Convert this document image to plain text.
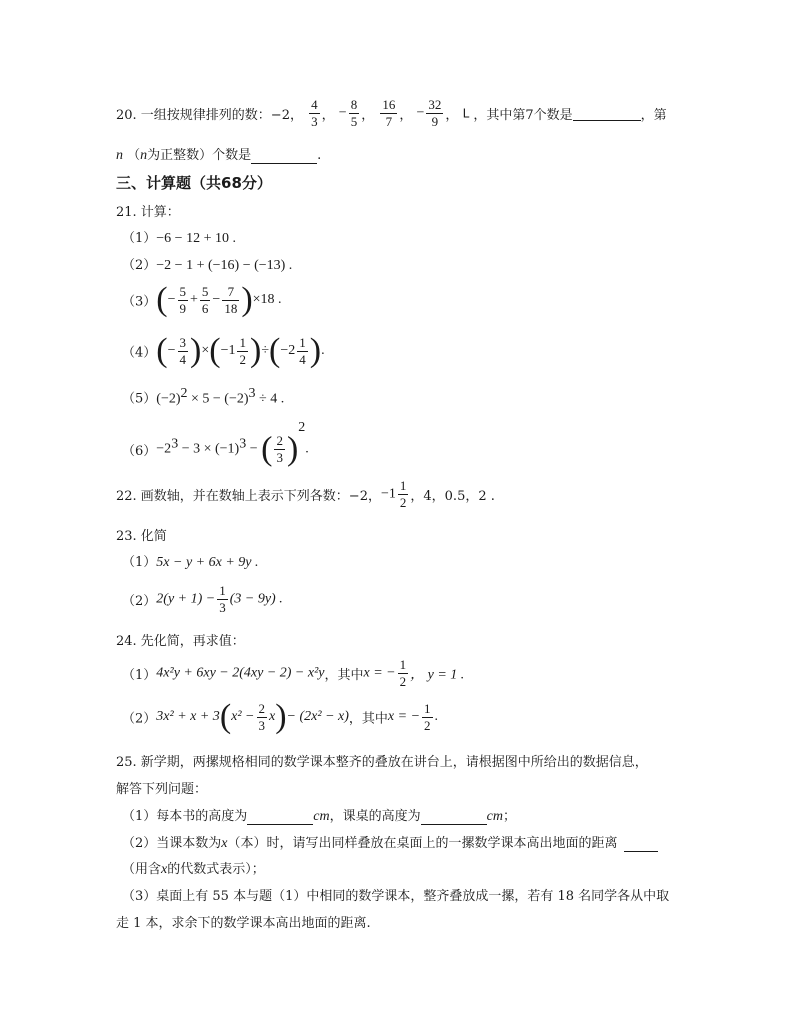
20. 一组按规律排列的数：−2， $\frac{4}{3}$ ， − $\frac{8}{5}$ ， $\frac{16}{7}$ ， − $\frac{32}{9}$ ， L ，其中第7个数是	，第
n （n为正整数）个数是	.
三、计算题（共68分）
21. 计算：
（1）−6 − 12 + 10 .
（2）−2 − 1 + (−16) − (−13) .
$(3)(- \frac{5}{9} + \frac{5}{6} - \frac{7}{18} )\times 18$ .
$(4)(- \frac{3}{4} )\times(-1 \frac{1}{2} )\div(-2 \frac{1}{4}$ ).
$(5)(-2)^2 \times 5 - (-2)^3 \div 4$ .
$(6)-2^3 - 3 \times (-1)^3$ − ( $\frac{2}{3} )^2$.
22. 画数轴，并在数轴上表示下列各数：−2，$-1 \frac{1}{2}$ ，4，0.5，2 .
23. 化简
（1）5x − y + 6x + 9y .
$(2)2(y + 1) - \frac{1}{3} (3 - 9y)$ .
24. 先化简，再求值：
（1）4x²y + 6xy − 2(4xy − 2) − x²y，其中x = − $\frac{1}{2}$ ， y = 1 .
$(2)3x^2 + x + 3(x^2 - \frac{2}{3} x)- (2x^2 - x)$，其中x = − $\frac{1}{2}$ .
25. 新学期，两摞规格相同的数学课本整齐的叠放在讲台上，请根据图中所给出的数据信息，
解答下列问题：
（1）每本书的高度为	cm，课桌的高度为	cm；
（2）当课本数为x（本）时，请写出同样叠放在桌面上的一摞数学课本高出地面的距离
（用含x的代数式表示）；
（3）桌面上有 55 本与题（1）中相同的数学课本，整齐叠放成一摞，若有 18 名同学各从中取
走 1 本，求余下的数学课本高出地面的距离.
